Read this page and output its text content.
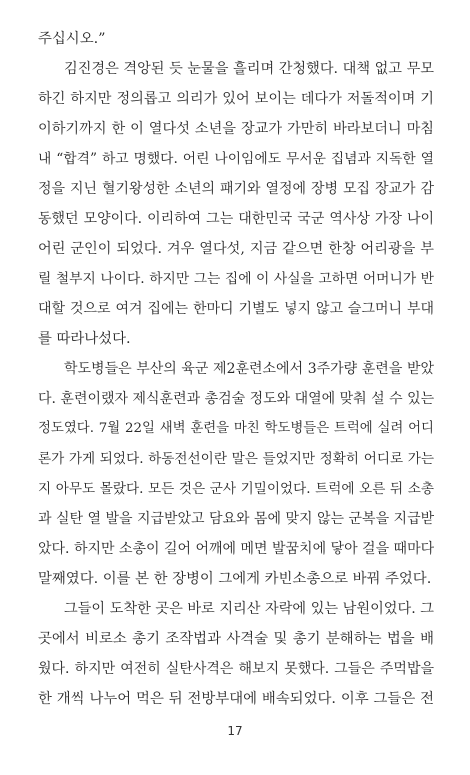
주십시오.”
김진경은 격앙된 듯 눈물을 흘리며 간청했다. 대책 없고 무모
하긴 하지만 정의롭고 의리가 있어 보이는 데다가 저돌적이며 기
이하기까지 한 이 열다섯 소년을 장교가 가만히 바라보더니 마침
내 “합격” 하고 명했다. 어린 나이임에도 무서운 집념과 지독한 열
정을 지닌 혈기왕성한 소년의 패기와 열정에 장병 모집 장교가 감
동했던 모양이다. 이리하여 그는 대한민국 국군 역사상 가장 나이
어린 군인이 되었다. 겨우 열다섯, 지금 같으면 한창 어리광을 부
릴 철부지 나이다. 하지만 그는 집에 이 사실을 고하면 어머니가 반
대할 것으로 여겨 집에는 한마디 기별도 넣지 않고 슬그머니 부대
를 따라나섰다.
학도병들은 부산의 육군 제2훈련소에서 3주가량 훈련을 받았
다. 훈련이랬자 제식훈련과 총검술 정도와 대열에 맞춰 설 수 있는
정도였다. 7월 22일 새벽 훈련을 마친 학도병들은 트럭에 실려 어디
론가 가게 되었다. 하동전선이란 말은 들었지만 정확히 어디로 가는
지 아무도 몰랐다. 모든 것은 군사 기밀이었다. 트럭에 오른 뒤 소총
과 실탄 열 발을 지급받았고 담요와 몸에 맞지 않는 군복을 지급받
았다. 하지만 소총이 길어 어깨에 메면 발꿈치에 닿아 걸을 때마다
말째였다. 이를 본 한 장병이 그에게 카빈소총으로 바꿔 주었다.
그들이 도착한 곳은 바로 지리산 자락에 있는 남원이었다. 그
곳에서 비로소 총기 조작법과 사격술 및 총기 분해하는 법을 배
웠다. 하지만 여전히 실탄사격은 해보지 못했다. 그들은 주먹밥을
한 개씩 나누어 먹은 뒤 전방부대에 배속되었다. 이후 그들은 전
17
